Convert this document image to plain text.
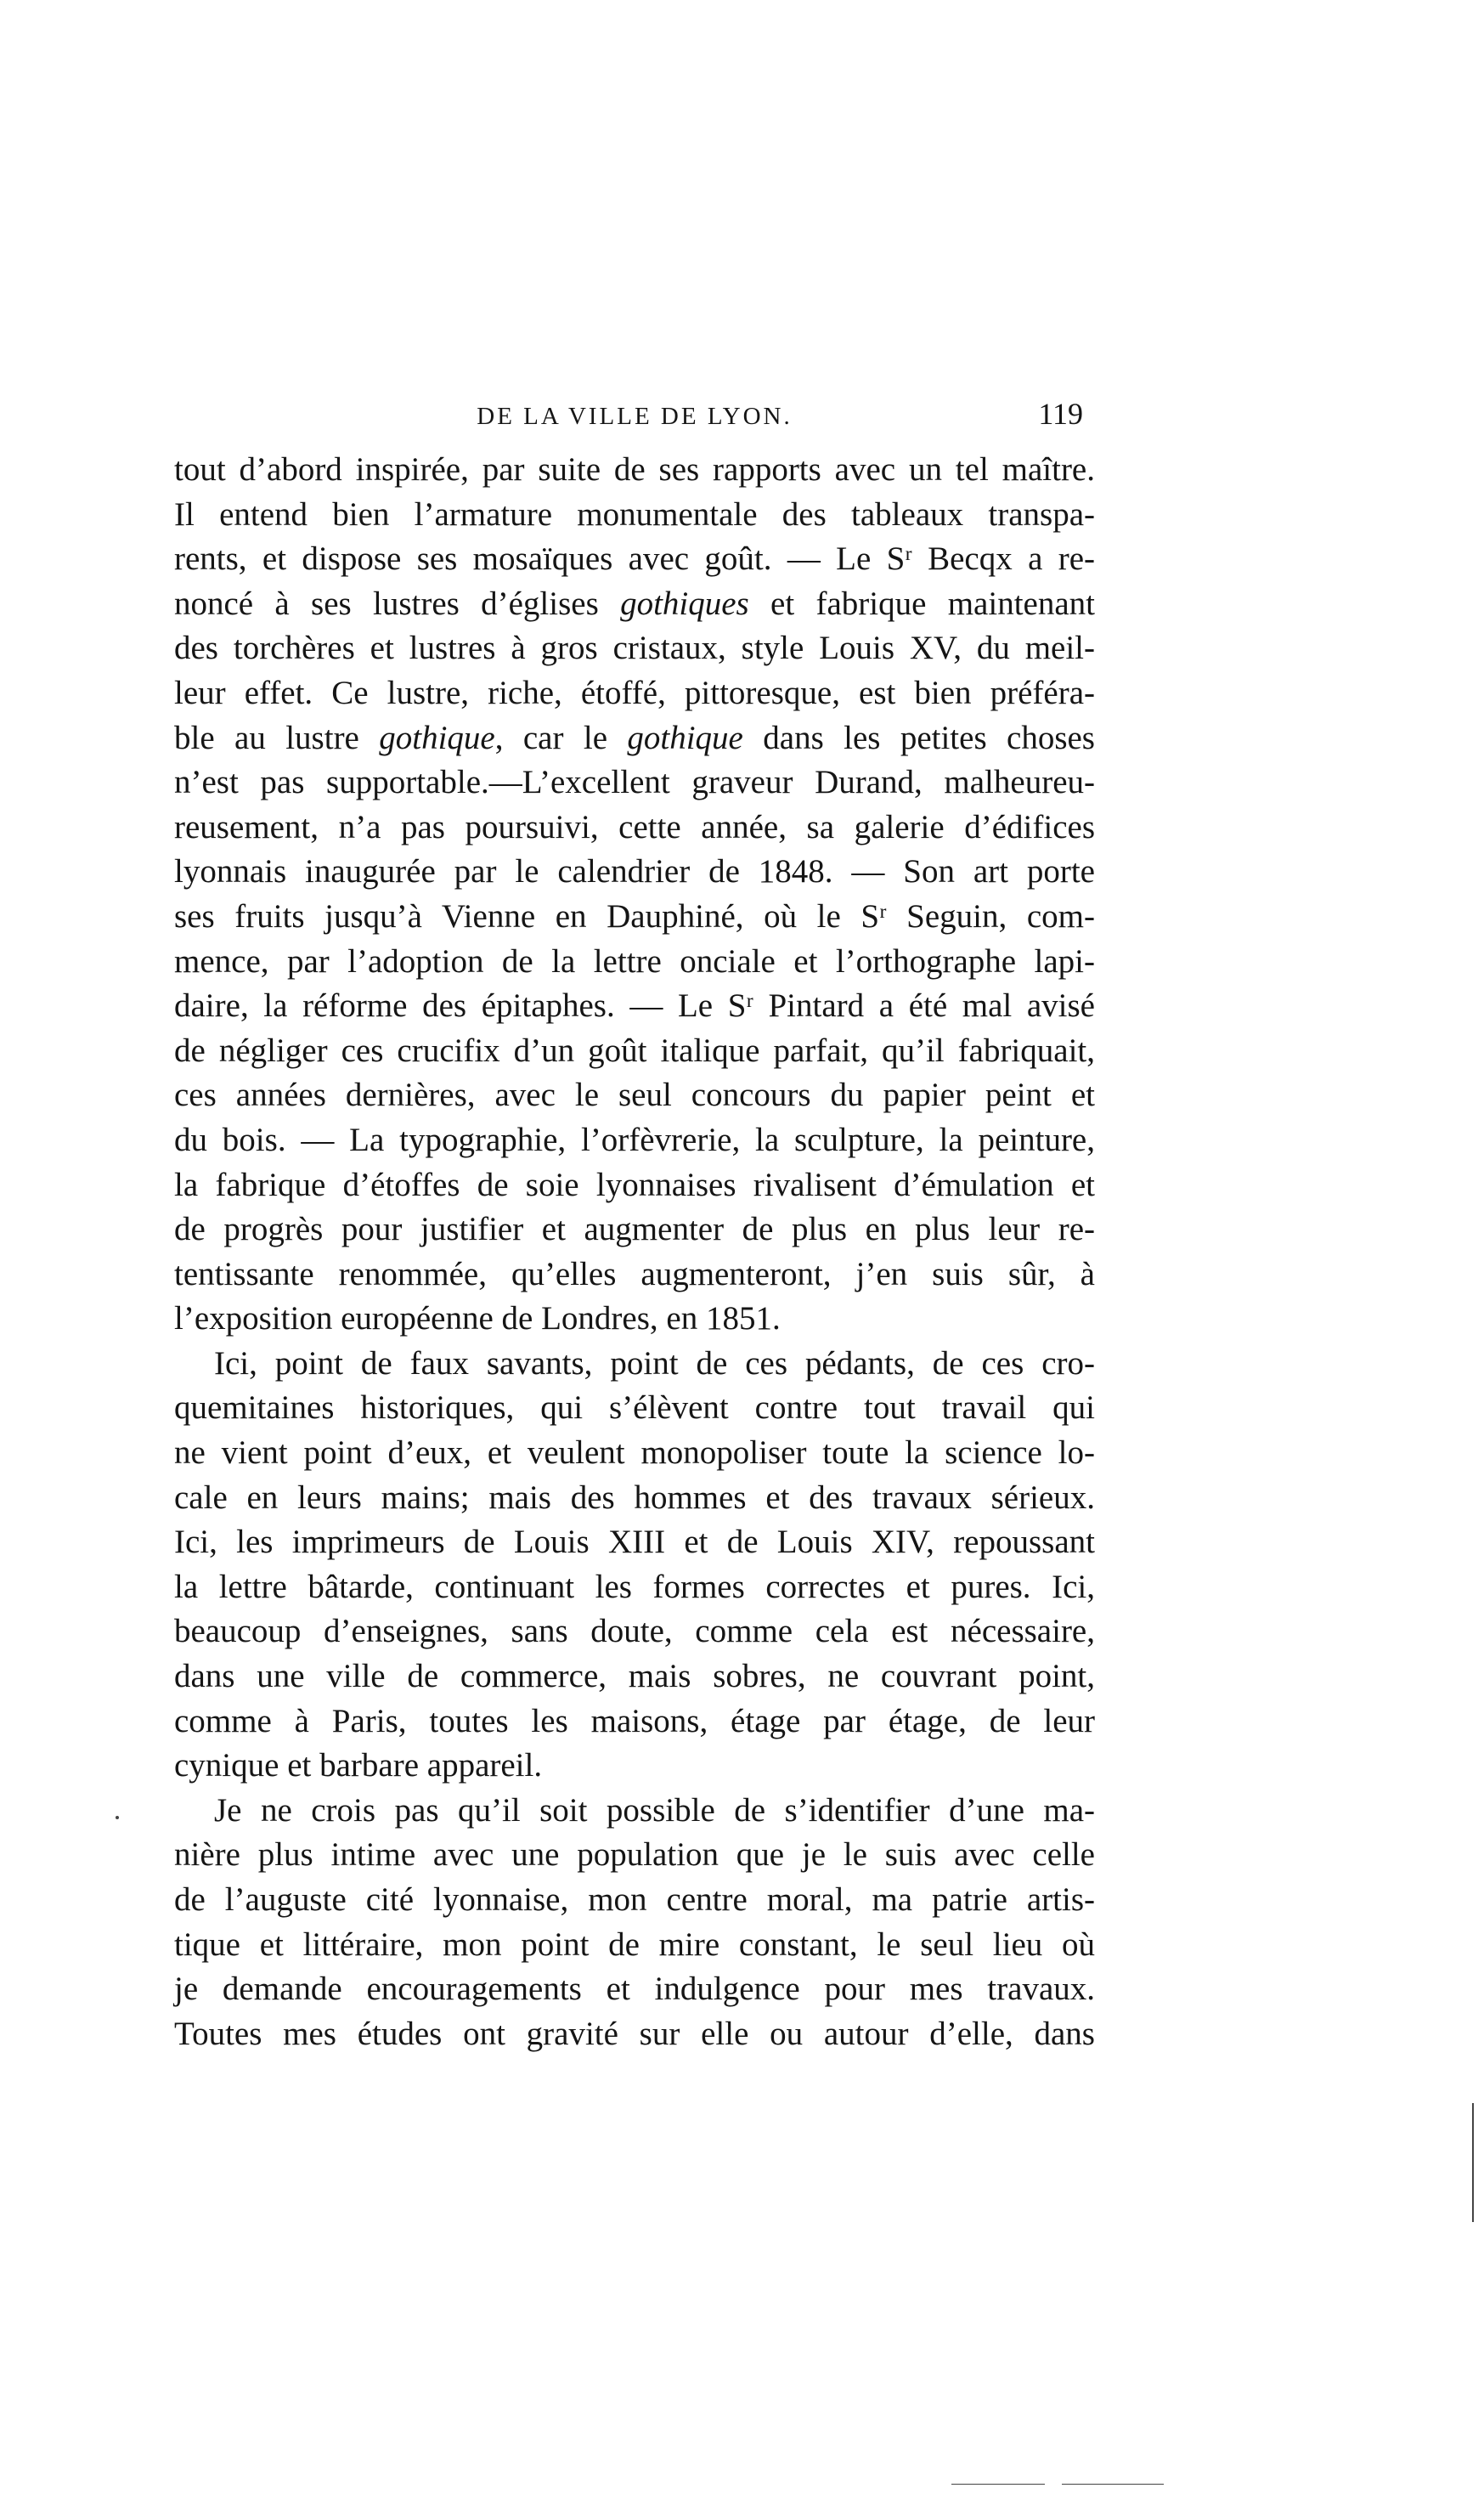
DE LA VILLE DE LYON.	119
tout d’abord inspirée, par suite de ses rapports avec un tel maître.
Il entend bien l’armature monumentale des tableaux transpa-
rents, et dispose ses mosaïques avec goût. — Le Sʳ Becqx a re-
noncé à ses lustres d’églises gothiques et fabrique maintenant
des torchères et lustres à gros cristaux, style Louis XV, du meil-
leur effet. Ce lustre, riche, étoffé, pittoresque, est bien préféra-
ble au lustre gothique, car le gothique dans les petites choses
n’est pas supportable.—L’excellent graveur Durand, malheureu-
reusement, n’a pas poursuivi, cette année, sa galerie d’édifices
lyonnais inaugurée par le calendrier de 1848. — Son art porte
ses fruits jusqu’à Vienne en Dauphiné, où le Sʳ Seguin, com-
mence, par l’adoption de la lettre onciale et l’orthographe lapi-
daire, la réforme des épitaphes. — Le Sʳ Pintard a été mal avisé
de négliger ces crucifix d’un goût italique parfait, qu’il fabriquait,
ces années dernières, avec le seul concours du papier peint et
du bois. — La typographie, l’orfèvrerie, la sculpture, la peinture,
la fabrique d’étoffes de soie lyonnaises rivalisent d’émulation et
de progrès pour justifier et augmenter de plus en plus leur re-
tentissante renommée, qu’elles augmenteront, j’en suis sûr, à
l’exposition européenne de Londres, en 1851.
Ici, point de faux savants, point de ces pédants, de ces cro-
quemitaines historiques, qui s’élèvent contre tout travail qui
ne vient point d’eux, et veulent monopoliser toute la science lo-
cale en leurs mains; mais des hommes et des travaux sérieux.
Ici, les imprimeurs de Louis XIII et de Louis XIV, repoussant
la lettre bâtarde, continuant les formes correctes et pures. Ici,
beaucoup d’enseignes, sans doute, comme cela est nécessaire,
dans une ville de commerce, mais sobres, ne couvrant point,
comme à Paris, toutes les maisons, étage par étage, de leur
cynique et barbare appareil.
Je ne crois pas qu’il soit possible de s’identifier d’une ma-
nière plus intime avec une population que je le suis avec celle
de l’auguste cité lyonnaise, mon centre moral, ma patrie artis-
tique et littéraire, mon point de mire constant, le seul lieu où
je demande encouragements et indulgence pour mes travaux.
Toutes mes études ont gravité sur elle ou autour d’elle, dans
